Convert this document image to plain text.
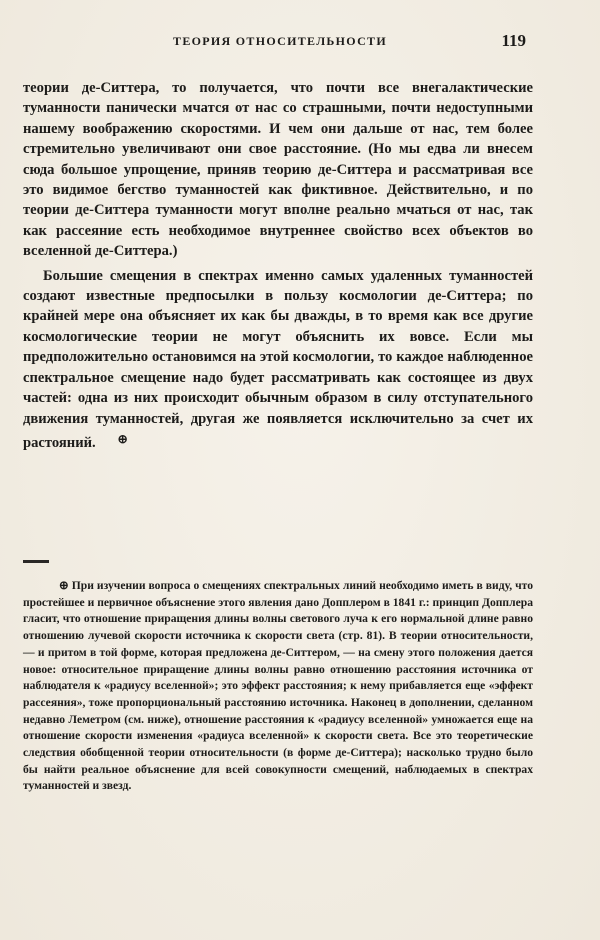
ТЕОРИЯ ОТНОСИТЕЛЬНОСТИ	119

теории де-Ситтера, то получается, что почти все внегалактические туманности панически мчатся от нас со страшными, почти недоступными нашему воображению скоростями. И чем они дальше от нас, тем более стремительно увеличивают они свое расстояние. (Но мы едва ли внесем сюда большое упрощение, приняв теорию де-Ситтера и рассматривая все это видимое бегство туманностей как фиктивное. Действительно, и по теории де-Ситтера туманности могут вполне реально мчаться от нас, так как рассеяние есть необходимое внутреннее свойство всех объектов во вселенной де-Ситтера.)

Большие смещения в спектрах именно самых удаленных туманностей создают известные предпосылки в пользу космологии де-Ситтера; по крайней мере она объясняет их как бы дважды, в то время как все другие космологические теории не могут объяснить их вовсе. Если мы предположительно остановимся на этой космологии, то каждое наблюденное спектральное смещение надо будет рассматривать как состоящее из двух частей: одна из них происходит обычным образом в силу отступательного движения туманностей, другая же появляется исключительно за счет их растояний. ⊕

⊕ При изучении вопроса о смещениях спектральных линий необходимо иметь в виду, что простейшее и первичное объяснение этого явления дано Допплером в 1841 г.: принцип Допплера гласит, что отношение приращения длины волны светового луча к его нормальной длине равно отношению лучевой скорости источника к скорости света (стр. 81). В теории относительности, — и притом в той форме, которая предложена де-Ситтером, — на смену этого положения дается новое: относительное приращение длины волны равно отношению расстояния источника от наблюдателя к «радиусу вселенной»; это эффект расстояния; к нему прибавляется еще «эффект рассеяния», тоже пропорциональный расстоянию источника. Наконец в дополнении, сделанном недавно Леметром (см. ниже), отношение расстояния к «радиусу вселенной» умножается еще на отношение скорости изменения «радиуса вселенной» к скорости света. Все это теоретические следствия обобщенной теории относительности (в форме де-Ситтера); насколько трудно было бы найти реальное объяснение для всей совокупности смещений, наблюдаемых в спектрах туманностей и звезд.
